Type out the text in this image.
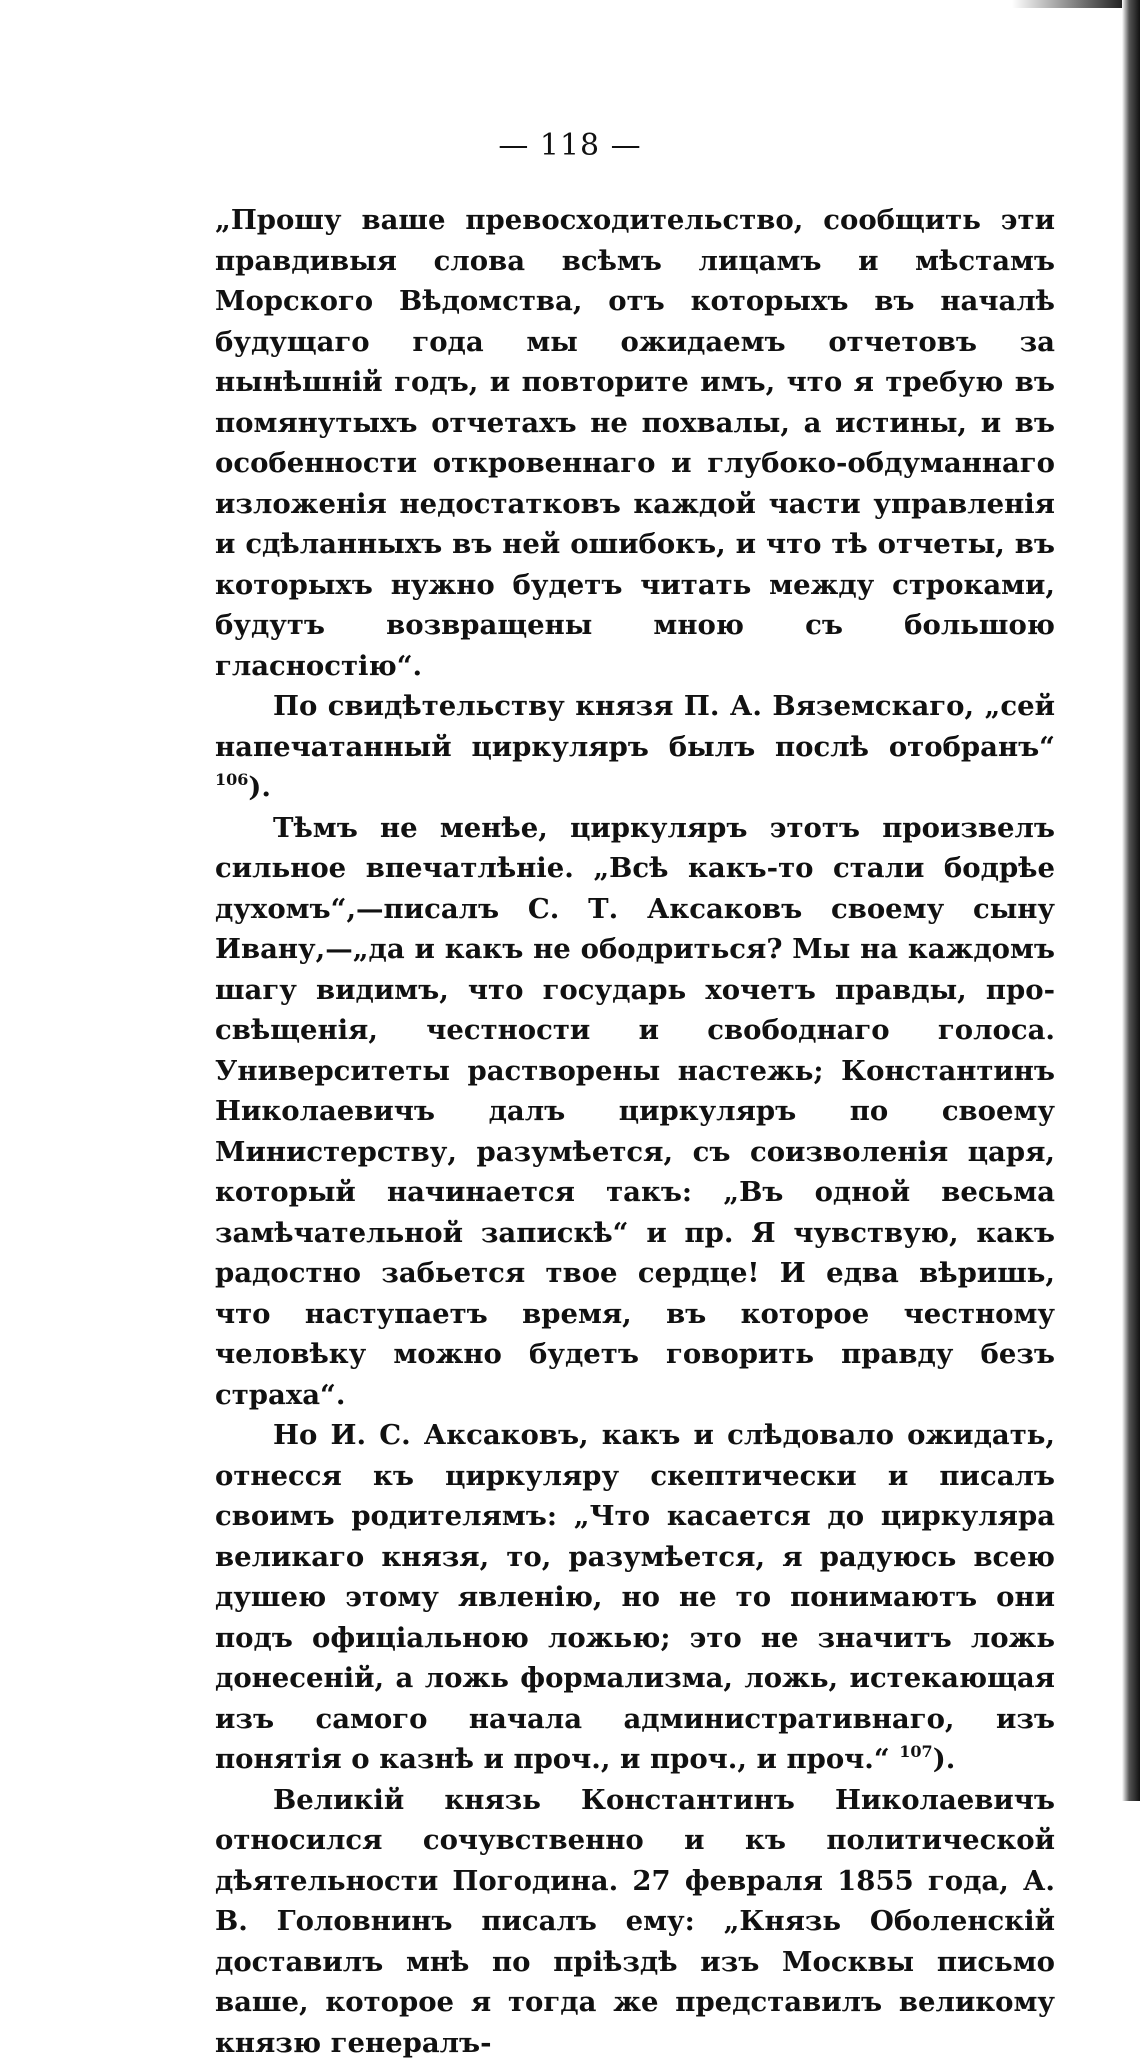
— 118 —

„Прошу ваше превосходительство, сообщить эти правдивыя слова всѣмъ лицамъ и мѣстамъ Морского Вѣдомства, отъ которыхъ въ началѣ будущаго года мы ожидаемъ отчетовъ за нынѣшній годъ, и повторите имъ, что я требую въ помянутыхъ отчетахъ не похвалы, а истины, и въ особенности откровеннаго и глубоко-обдуманнаго изложенія недостатковъ каждой части управленія и сдѣланныхъ въ ней ошибокъ, и что тѣ отчеты, въ которыхъ нужно будетъ читать между строками, будутъ возвращены мною съ большою гласностію“.

По свидѣтельству князя П. А. Вяземскаго, „сей напечатанный циркуляръ былъ послѣ отобранъ“ $^{106}$).

Тѣмъ не менѣе, циркуляръ этотъ произвелъ сильное впечатлѣніе. „Всѣ какъ-то стали бодрѣе духомъ“,—писалъ С. Т. Аксаковъ своему сыну Ивану,—„да и какъ не ободриться? Мы на каждомъ шагу видимъ, что государь хочетъ правды, просвѣщенія, честности и свободнаго голоса. Университеты растворены настежь; Константинъ Николаевичъ далъ циркуляръ по своему Министерству, разумѣется, съ соизволенія царя, который начинается такъ: „Въ одной весьма замѣчательной запискѣ“ и пр. Я чувствую, какъ радостно забьется твое сердце! И едва вѣришь, что наступаетъ время, въ которое честному человѣку можно будетъ говорить правду безъ страха“.

Но И. С. Аксаковъ, какъ и слѣдовало ожидать, отнесся къ циркуляру скептически и писалъ своимъ родителямъ: „Что касается до циркуляра великаго князя, то, разумѣется, я радуюсь всею душею этому явленію, но не то понимаютъ они подъ офиціальною ложью; это не значитъ ложь донесеній, а ложь формализма, ложь, истекающая изъ самого начала административнаго, изъ понятія о казнѣ и проч., и проч., и проч.“ $^{107}$).

Великій князь Константинъ Николаевичъ относился сочувственно и къ политической дѣятельности Погодина. 27 февраля 1855 года, А. В. Головнинъ писалъ ему: „Князь Оболенскій доставилъ мнѣ по пріѣздѣ изъ Москвы письмо ваше, которое я тогда же представилъ великому князю генералъ-
